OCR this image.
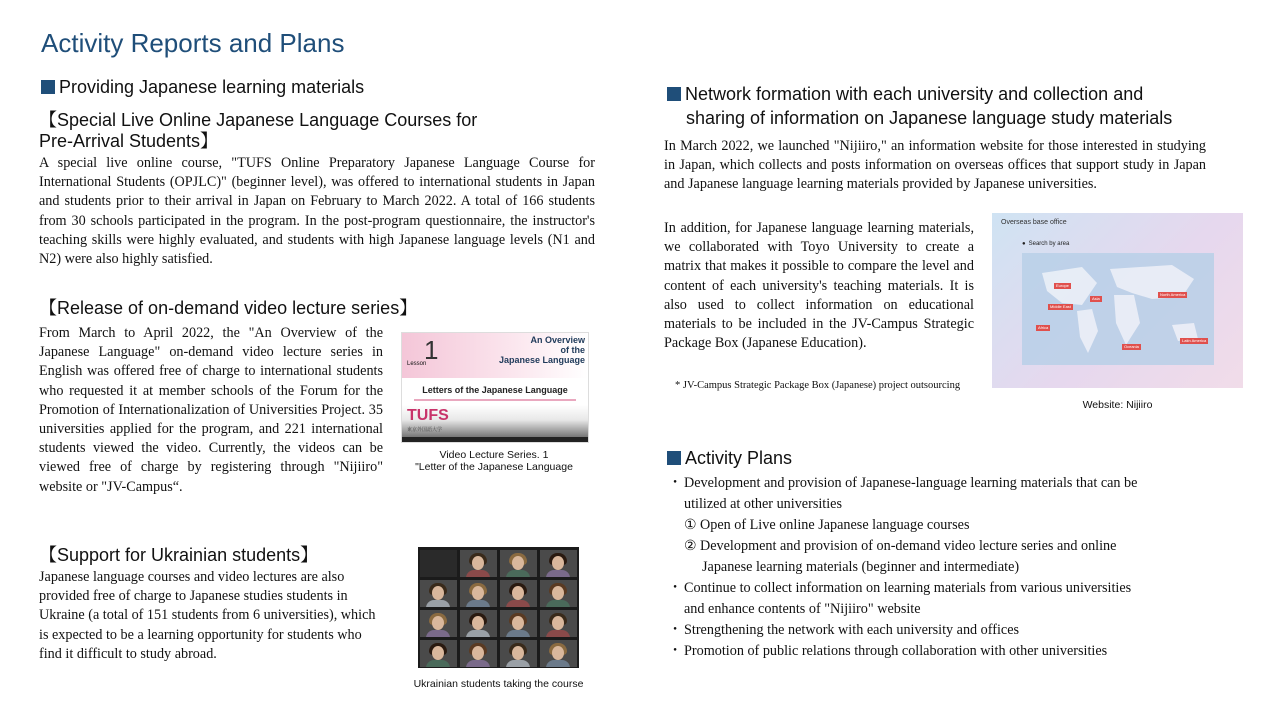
Activity Reports and Plans
Providing Japanese learning materials
【Special Live Online Japanese Language Courses for
Pre-Arrival Students】
A special live online course, "TUFS Online Preparatory Japanese Language Course for International Students (OPJLC)" (beginner level), was offered to international students in Japan and students prior to their arrival in Japan on February to March 2022. A total of 166 students from 30 schools participated in the program. In the post-program questionnaire, the instructor's teaching skills were highly evaluated, and students with high Japanese language levels (N1 and N2) were also highly satisfied.
【Release of on-demand video lecture series】
From March to April 2022, the "An Overview of the Japanese Language" on-demand video lecture series in English was offered free of charge to international students who requested it at member schools of the Forum for the Promotion of Internationalization of Universities Project. 35 universities applied for the program, and 221 international students viewed the video. Currently, the videos can be viewed free of charge by registering through "Nijiiro" website or "JV-Campus“.
1
Lesson
An Overview
of the
Japanese Language
Letters of the Japanese Language
TUFS
東京外国語大学
Video Lecture Series. 1
"Letter of the Japanese Language
【Support for Ukrainian students】
Japanese language courses and video lectures are also provided free of charge to Japanese studies students in Ukraine (a total of 151 students from 6 universities), which is expected to be a learning opportunity for students who find it difficult to study abroad.
Ukrainian students taking the course
Network formation with each university and collection and
sharing of information on Japanese language study materials
In March 2022, we launched "Nijiiro," an information website for those interested in studying in Japan, which collects and posts information on overseas offices that support study in Japan and Japanese language learning materials provided by Japanese universities.
In addition, for Japanese language learning materials, we collaborated with Toyo University to create a matrix that makes it possible to compare the level and content of each university's teaching materials. It is also used to collect information on educational materials to be included in the JV-Campus Strategic Package Box (Japanese Education).
* JV-Campus Strategic Package Box (Japanese) project outsourcing
Overseas base office
● Search by area
Europe
North America
Middle East
Asia
Africa
Oceania
Latin America
Website: Nijiiro
Activity Plans
・ Development and provision of Japanese-language learning materials that can be
utilized at other universities
① Open of Live online Japanese language courses
② Development and provision of on-demand video lecture series and online
Japanese learning materials (beginner and intermediate)
・ Continue to collect information on learning materials from various universities
and enhance contents of "Nijiiro" website
・ Strengthening the network with each university and offices
・ Promotion of public relations through collaboration with other universities
